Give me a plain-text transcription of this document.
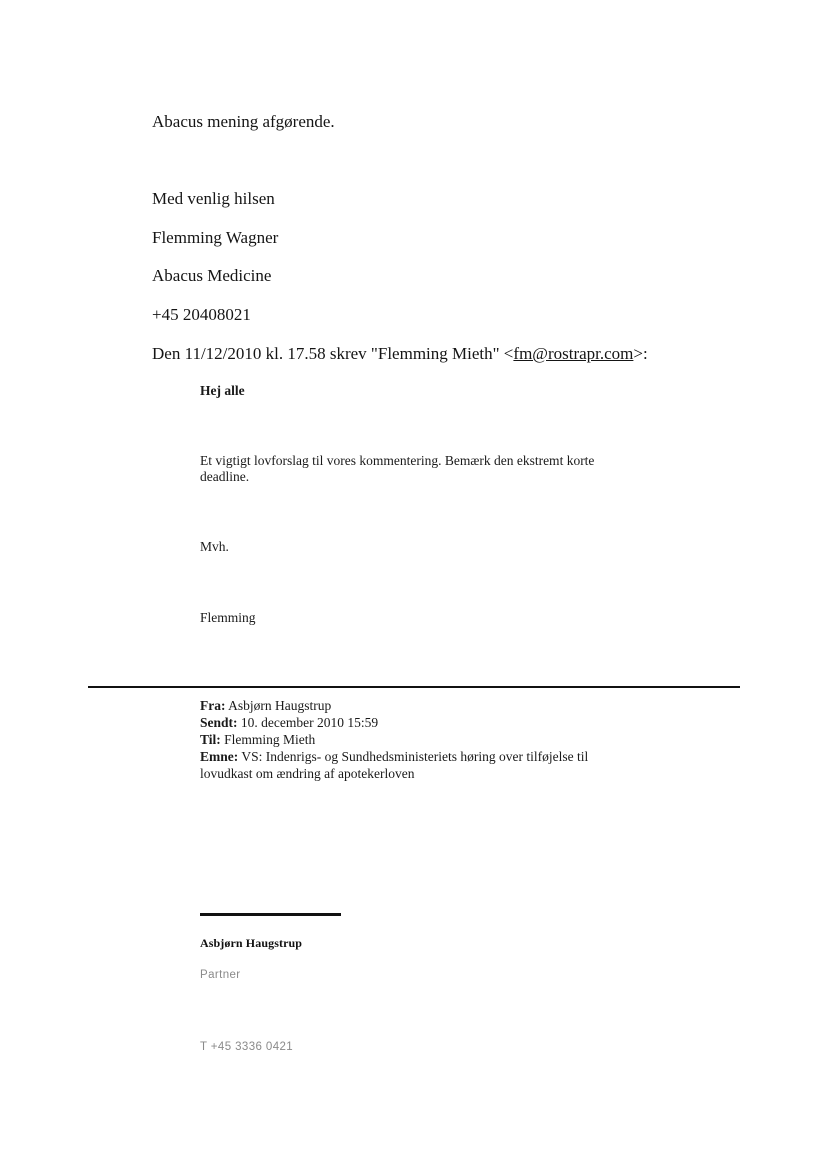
Abacus mening afgørende.
Med venlig hilsen
Flemming Wagner
Abacus Medicine
+45 20408021
Den 11/12/2010 kl. 17.58 skrev "Flemming Mieth" <fm@rostrapr.com>:
Hej alle
Et vigtigt lovforslag til vores kommentering. Bemærk den ekstremt korte
deadline.
Mvh.
Flemming
Fra: Asbjørn Haugstrup
Sendt: 10. december 2010 15:59
Til: Flemming Mieth
Emne: VS: Indenrigs- og Sundhedsministeriets høring over tilføjelse til
lovudkast om ændring af apotekerloven
Asbjørn Haugstrup
Partner
T +45 3336 0421
